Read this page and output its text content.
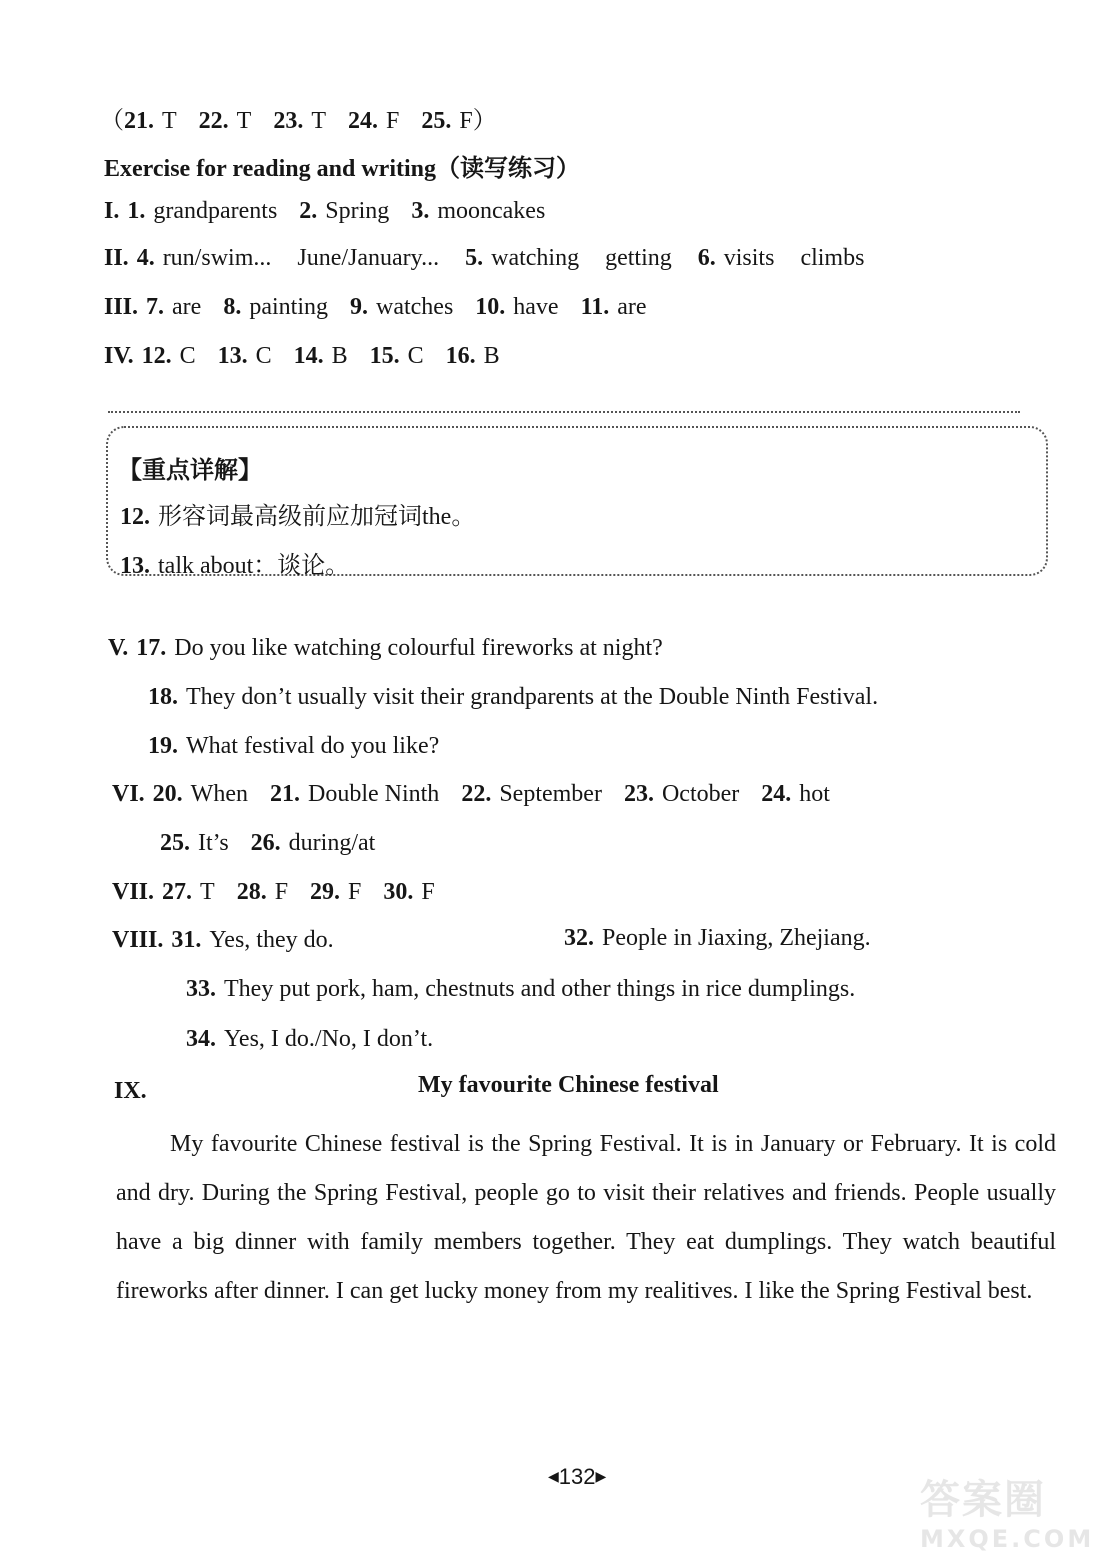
（21. T 22. T 23. T 24. F 25. F）
Exercise for reading and writing（读写练习）
I. 1. grandparents 2. Spring 3. mooncakes
II. 4. run/swim... June/January... 5. watching getting 6. visits climbs
III. 7. are 8. painting 9. watches 10. have 11. are
IV. 12. C 13. C 14. B 15. C 16. B
【重点详解】
12. 形容词最高级前应加冠词the。
13. talk about：谈论。
V. 17. Do you like watching colourful fireworks at night?
18. They don’t usually visit their grandparents at the Double Ninth Festival.
19. What festival do you like?
VI. 20. When 21. Double Ninth 22. September 23. October 24. hot
25. It’s 26. during/at
VII. 27. T 28. F 29. F 30. F
VIII. 31. Yes, they do.	32. People in Jiaxing, Zhejiang.
33. They put pork, ham, chestnuts and other things in rice dumplings.
34. Yes, I do./No, I don’t.
IX.	My favourite Chinese festival
My favourite Chinese festival is the Spring Festival. It is in January or February. It is cold and dry. During the Spring Festival, people go to visit their relatives and friends. People usually have a big dinner with family members together. They eat dumplings. They watch beautiful fireworks after dinner. I can get lucky money from my realitives. I like the Spring Festival best.
◀132▶
答案圈
MXQE.COM
